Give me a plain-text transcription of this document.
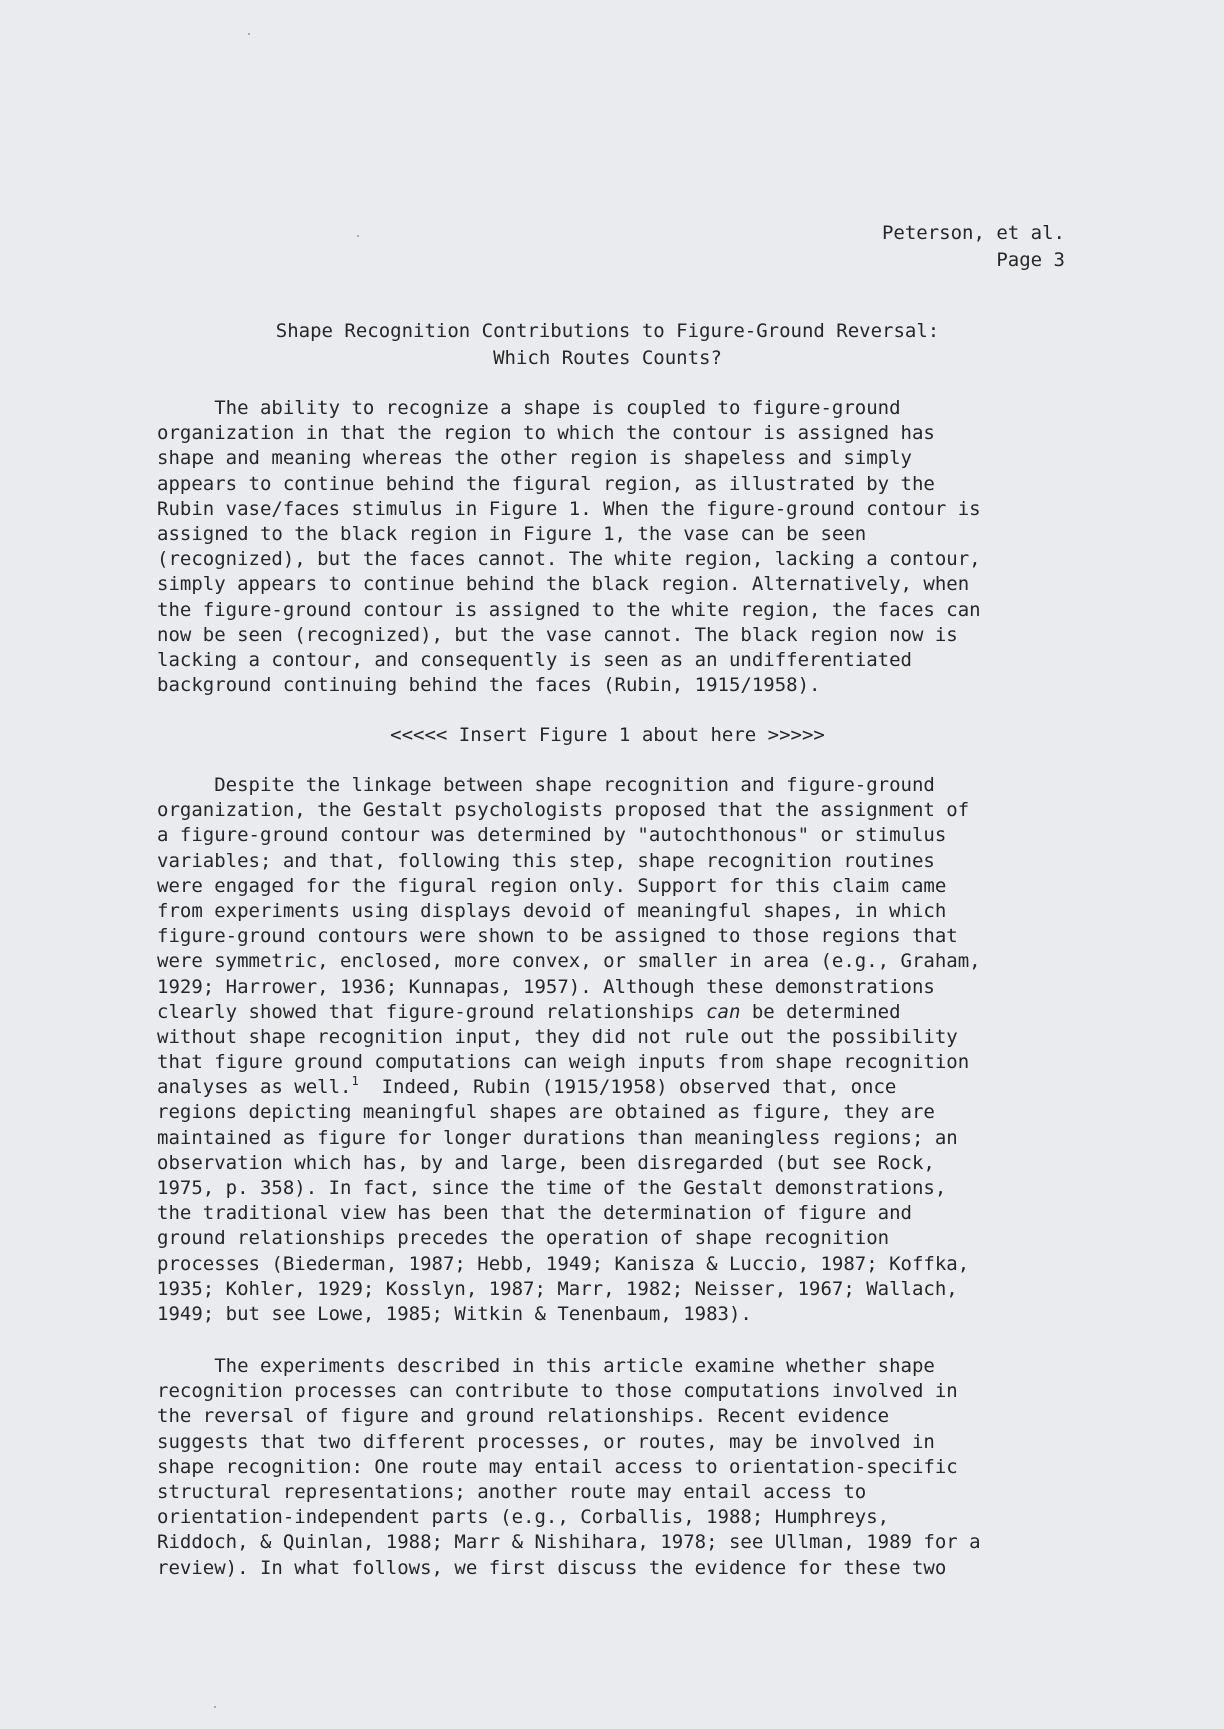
Peterson, et al.
Page 3
Shape Recognition Contributions to Figure-Ground Reversal:
Which Routes Counts?
The ability to recognize a shape is coupled to figure-ground
organization in that the region to which the contour is assigned has
shape and meaning whereas the other region is shapeless and simply
appears to continue behind the figural region, as illustrated by the
Rubin vase/faces stimulus in Figure 1. When the figure-ground contour is
assigned to the black region in Figure 1, the vase can be seen
(recognized), but the faces cannot. The white region, lacking a contour,
simply appears to continue behind the black region. Alternatively, when
the figure-ground contour is assigned to the white region, the faces can
now be seen (recognized), but the vase cannot. The black region now is
lacking a contour, and consequently is seen as an undifferentiated
background continuing behind the faces (Rubin, 1915/1958).
<<<<< Insert Figure 1 about here >>>>>
Despite the linkage between shape recognition and figure-ground
organization, the Gestalt psychologists proposed that the assignment of
a figure-ground contour was determined by "autochthonous" or stimulus
variables; and that, following this step, shape recognition routines
were engaged for the figural region only. Support for this claim came
from experiments using displays devoid of meaningful shapes, in which
figure-ground contours were shown to be assigned to those regions that
were symmetric, enclosed, more convex, or smaller in area (e.g., Graham,
1929; Harrower, 1936; Kunnapas, 1957). Although these demonstrations
clearly showed that figure-ground relationships can be determined
without shape recognition input, they did not rule out the possibility
that figure ground computations can weigh inputs from shape recognition
analyses as well.$^1$  Indeed, Rubin (1915/1958) observed that, once
regions depicting meaningful shapes are obtained as figure, they are
maintained as figure for longer durations than meaningless regions; an
observation which has, by and large, been disregarded (but see Rock,
1975, p. 358). In fact, since the time of the Gestalt demonstrations,
the traditional view has been that the determination of figure and
ground relationships precedes the operation of shape recognition
processes (Biederman, 1987; Hebb, 1949; Kanisza & Luccio, 1987; Koffka,
1935; Kohler, 1929; Kosslyn, 1987; Marr, 1982; Neisser, 1967; Wallach,
1949; but see Lowe, 1985; Witkin & Tenenbaum, 1983).
The experiments described in this article examine whether shape
recognition processes can contribute to those computations involved in
the reversal of figure and ground relationships. Recent evidence
suggests that two different processes, or routes, may be involved in
shape recognition: One route may entail access to orientation-specific
structural representations; another route may entail access to
orientation-independent parts (e.g., Corballis, 1988; Humphreys,
Riddoch, & Quinlan, 1988; Marr & Nishihara, 1978; see Ullman, 1989 for a
review). In what follows, we first discuss the evidence for these two
